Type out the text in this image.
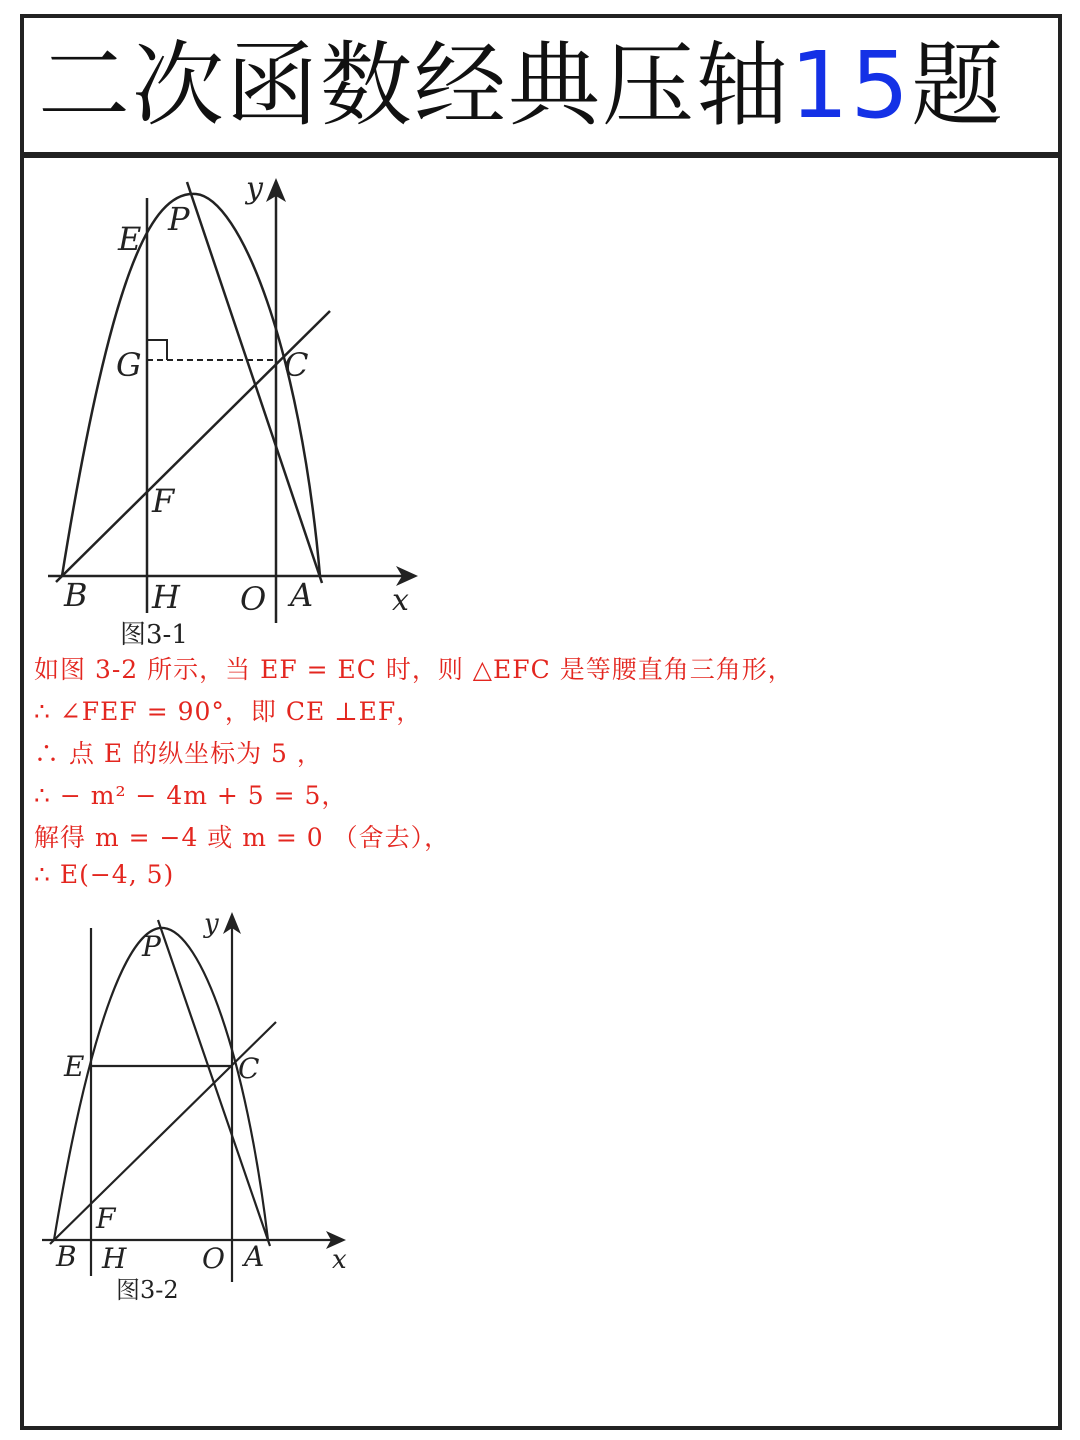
二次函数经典压轴15题
y
x
E
P
G	C
F
B H O A
图3-1
如图 3-2 所示，当 EF = EC 时，则 △EFC 是等腰直角三角形，
∴ ∠FEF = 90°，即 CE ⊥EF，
∴ 点 E 的纵坐标为 5 ，
∴ − m² − 4m + 5 = 5，
解得 m = −4 或 m = 0 （舍去），
∴ E(−4, 5)
y
x
P
E	C
F
B H	O A
图3-2
